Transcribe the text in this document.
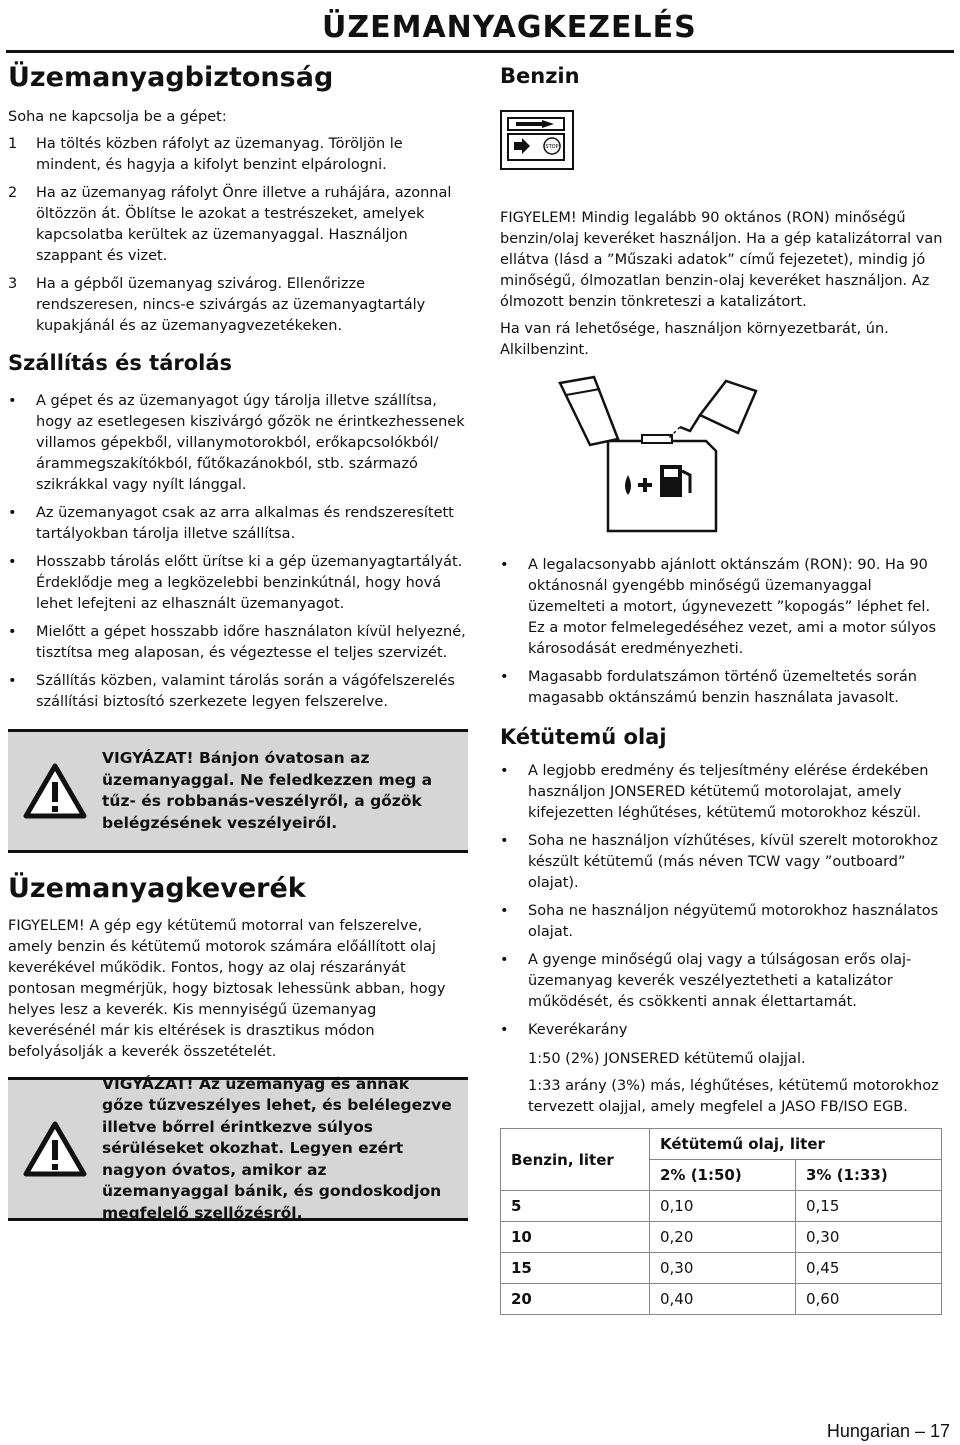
ÜZEMANYAGKEZELÉS
Üzemanyagbiztonság

Soha ne kapcsolja be a gépet:

1	Ha töltés közben ráfolyt az üzemanyag. Töröljön le mindent, és hagyja a kifolyt benzint elpárologni.
2	Ha az üzemanyag ráfolyt Önre illetve a ruhájára, azonnal öltözzön át. Öblítse le azokat a testrészeket, amelyek kapcsolatba kerültek az üzemanyaggal. Használjon szappant és vizet.
3	Ha a gépből üzemanyag szivárog. Ellenőrizze rendszeresen, nincs-e szivárgás az üzemanyagtartály kupakjánál és az üzemanyagvezetékeken.
Szállítás és tárolás
•	A gépet és az üzemanyagot úgy tárolja illetve szállítsa, hogy az esetlegesen kiszivárgó gőzök ne érintkezhessenek villamos gépekből, villanymotorokból, erőkapcsolókból/ árammegszakítókból, fűtőkazánokból, stb. származó szikrákkal vagy nyílt lánggal.
•	Az üzemanyagot csak az arra alkalmas és rendszeresített tartályokban tárolja illetve szállítsa.
•	Hosszabb tárolás előtt ürítse ki a gép üzemanyagtartályát. Érdeklődje meg a legközelebbi benzinkútnál, hogy hová lehet lefejteni az elhasznált üzemanyagot.
•	Mielőtt a gépet hosszabb időre használaton kívül helyezné, tisztítsa meg alaposan, és végeztesse el teljes szervizét.
•	Szállítás közben, valamint tárolás során a vágófelszerelés szállítási biztosító szerkezete legyen felszerelve.
VIGYÁZAT! Bánjon óvatosan az üzemanyaggal. Ne feledkezzen meg a tűz- és robbanás-veszélyről, a gőzök belégzésének veszélyeiről.
Üzemanyagkeverék

FIGYELEM! A gép egy kétütemű motorral van felszerelve, amely benzin és kétütemű motorok számára előállított olaj keverékével működik. Fontos, hogy az olaj részarányát pontosan megmérjük, hogy biztosak lehessünk abban, hogy helyes lesz a keverék. Kis mennyiségű üzemanyag keverésénél már kis eltérések is drasztikus módon befolyásolják a keverék összetételét.

VIGYÁZAT! Az üzemanyag és annak gőze tűzveszélyes lehet, és belélegezve illetve bőrrel érintkezve súlyos sérüléseket okozhat. Legyen ezért nagyon óvatos, amikor az üzemanyaggal bánik, és gondoskodjon megfelelő szellőzésről.
Benzin
STOP

FIGYELEM! Mindig legalább 90 oktános (RON) minőségű benzin/olaj keveréket használjon. Ha a gép katalizátorral van ellátva (lásd a ”Műszaki adatok” című fejezetet), mindig jó minőségű, ólmozatlan benzin-olaj keveréket használjon. Az ólmozott benzin tönkreteszi a katalizátort.

Ha van rá lehetősége, használjon környezetbarát, ún. Alkilbenzint.

•	A legalacsonyabb ajánlott oktánszám (RON): 90. Ha 90 oktánosnál gyengébb minőségű üzemanyaggal üzemelteti a motort, úgynevezett ”kopogás” léphet fel. Ez a motor felmelegedéséhez vezet, ami a motor súlyos károsodását eredményezheti.
•	Magasabb fordulatszámon történő üzemeltetés során magasabb oktánszámú benzin használata javasolt.
Kétütemű olaj
•	A legjobb eredmény és teljesítmény elérése érdekében használjon JONSERED kétütemű motorolajat, amely kifejezetten léghűtéses, kétütemű motorokhoz készül.
•	Soha ne használjon vízhűtéses, kívül szerelt motorokhoz készült kétütemű (más néven TCW vagy ”outboard” olajat).
•	Soha ne használjon négyütemű motorokhoz használatos olajat.
•	A gyenge minőségű olaj vagy a túlságosan erős olaj-üzemanyag keverék veszélyeztetheti a katalizátor működését, és csökkenti annak élettartamát.
•	Keverékarány

1:50 (2%) JONSERED kétütemű olajjal.

1:33 arány (3%) más, léghűtéses, kétütemű motorokhoz tervezett olajjal, amely megfelel a JASO FB/ISO EGB.

Benzin, liter	Kétütemű olaj, liter	
	2% (1:50)	3% (1:33)
5	0,10	0,15
10	0,20	0,30
15	0,30	0,45
20	0,40	0,60
Hungarian – 17
